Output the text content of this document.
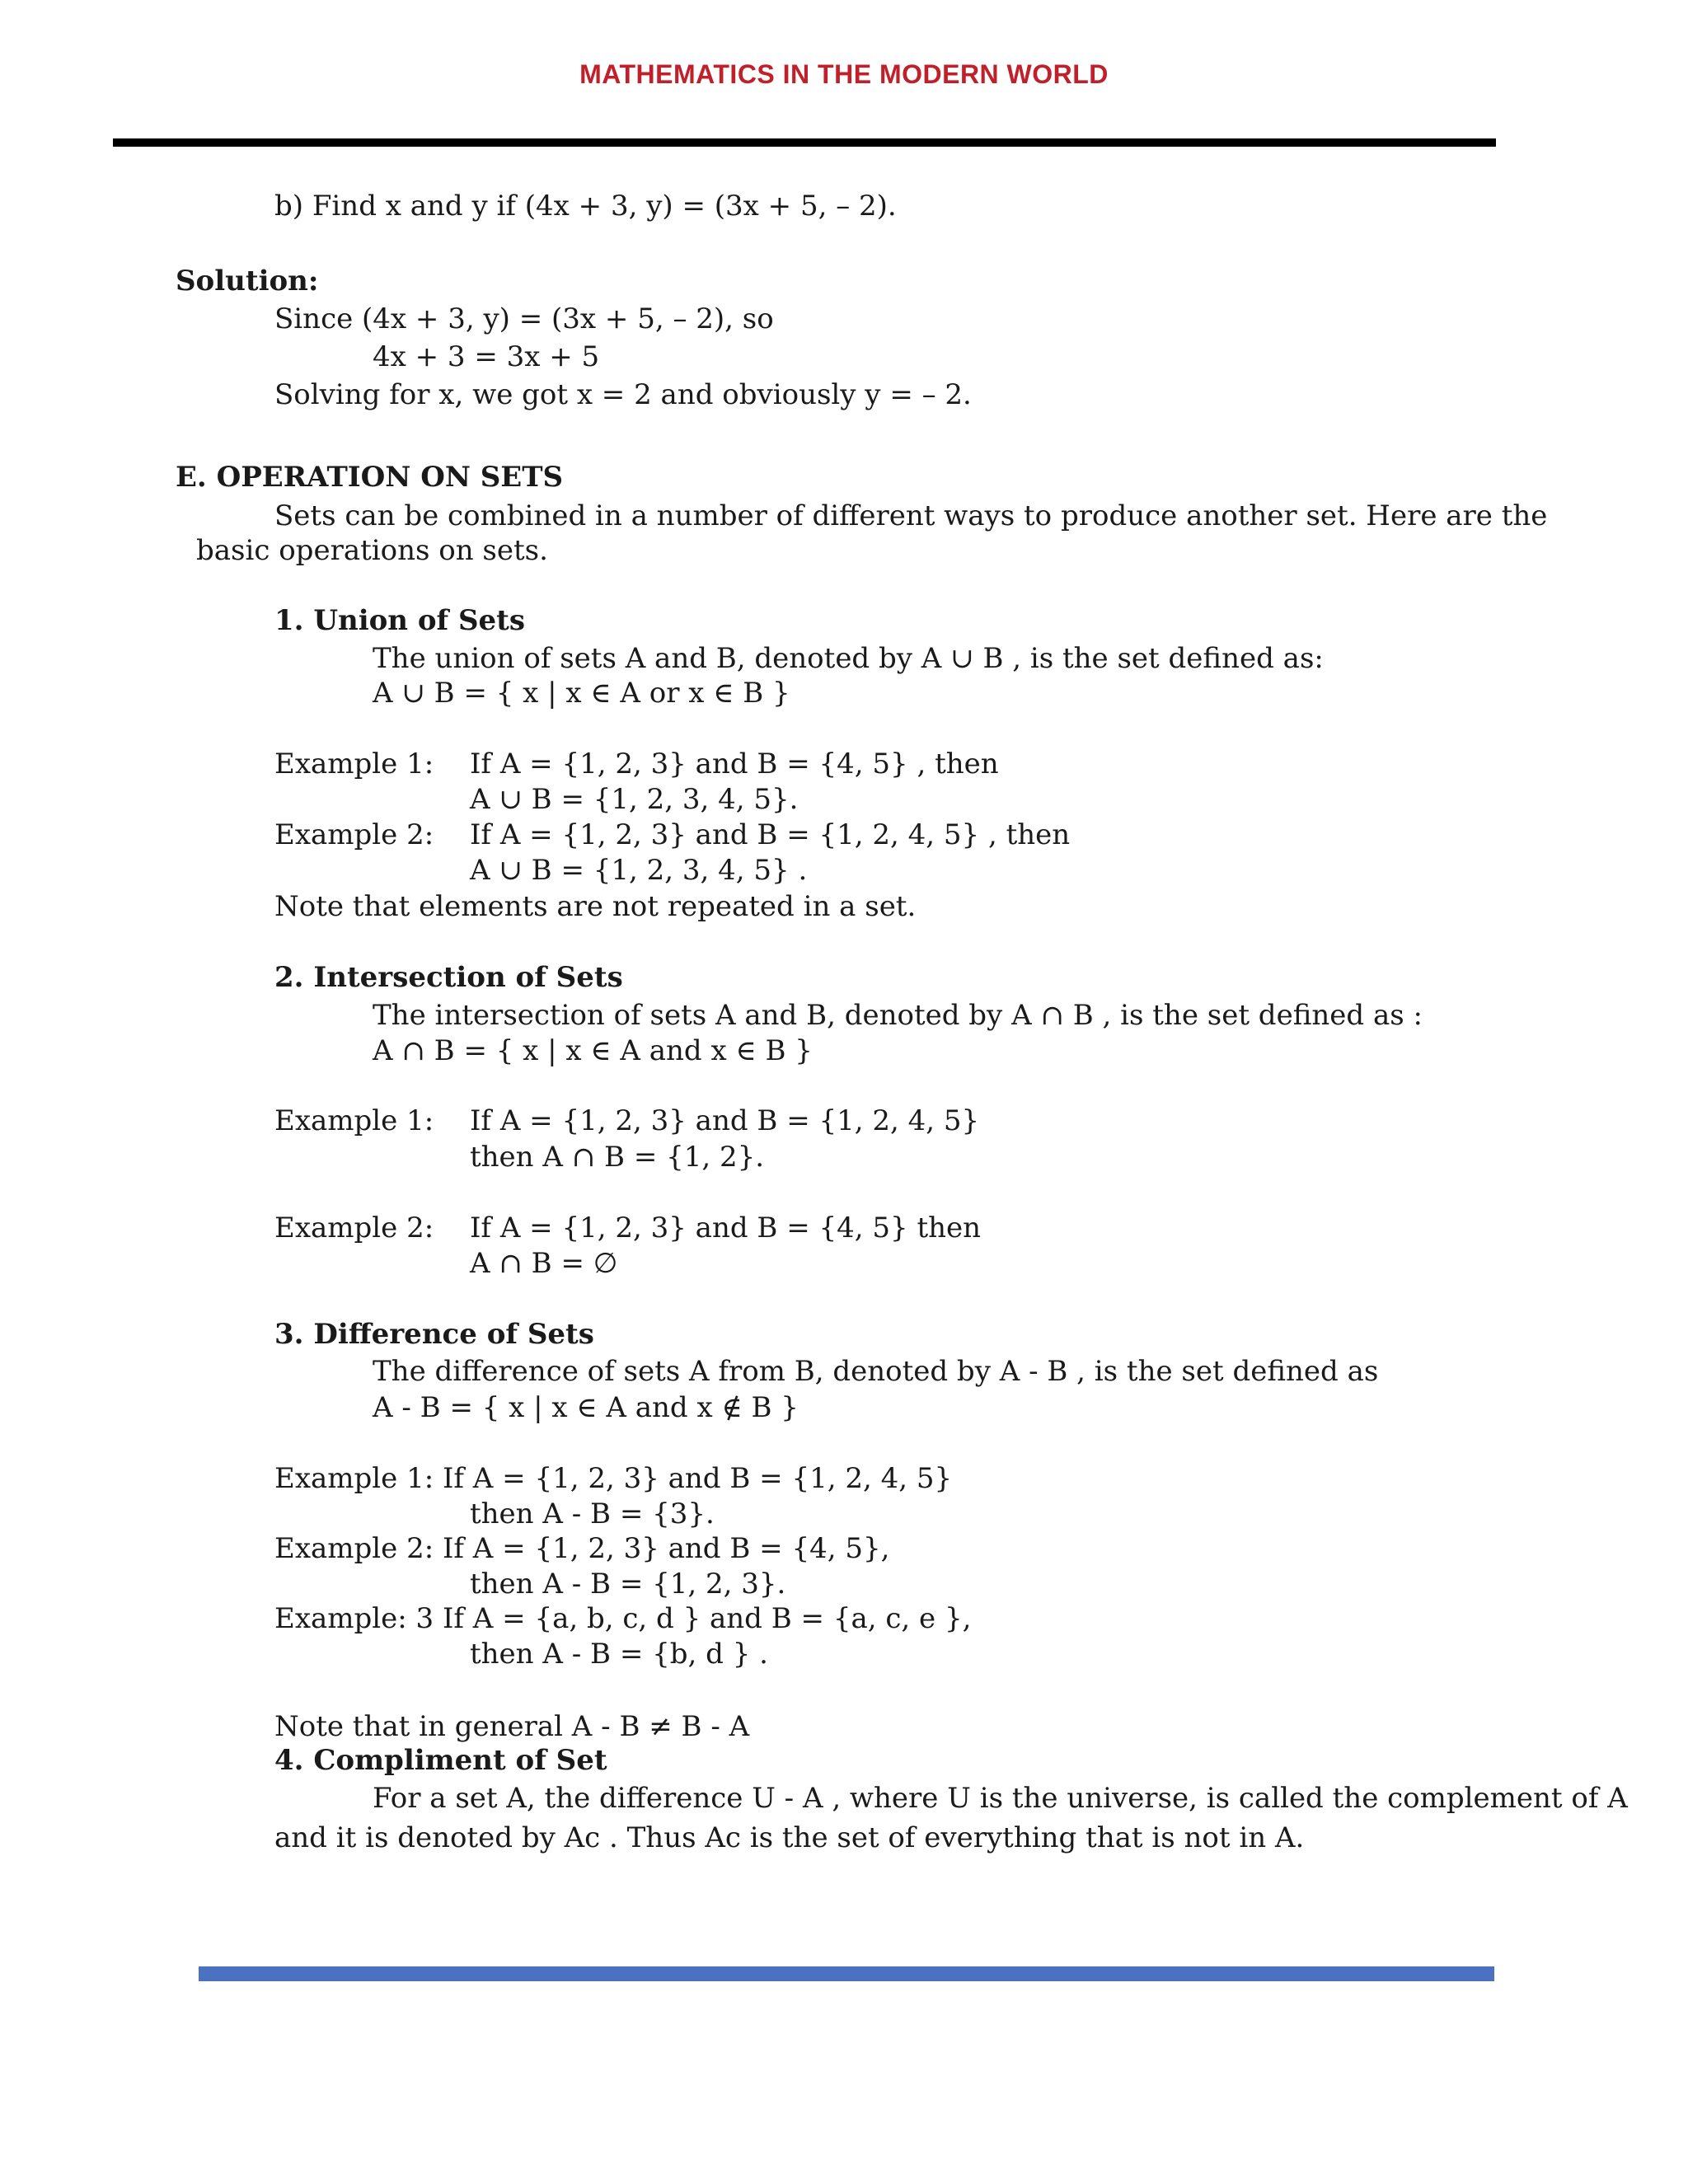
MATHEMATICS IN THE MODERN WORLD
b) Find x and y if (4x + 3, y) = (3x + 5, – 2).
Solution:
Since (4x + 3, y) = (3x + 5, – 2), so
4x + 3 = 3x + 5
Solving for x, we got x = 2 and obviously y = – 2.
E. OPERATION ON SETS
Sets can be combined in a number of different ways to produce another set. Here are the
basic operations on sets.
1. Union of Sets
The union of sets A and B, denoted by A ∪ B , is the set defined as:
A ∪ B = { x | x ∈ A or x ∈ B }
Example 1: If A = {1, 2, 3} and B = {4, 5} , then
A ∪ B = {1, 2, 3, 4, 5}.
Example 2: If A = {1, 2, 3} and B = {1, 2, 4, 5} , then
A ∪ B = {1, 2, 3, 4, 5} .
Note that elements are not repeated in a set.
2. Intersection of Sets
The intersection of sets A and B, denoted by A ∩ B , is the set defined as :
A ∩ B = { x | x ∈ A and x ∈ B }
Example 1: If A = {1, 2, 3} and B = {1, 2, 4, 5}
then A ∩ B = {1, 2}.
Example 2: If A = {1, 2, 3} and B = {4, 5} then
A ∩ B = ∅
3. Difference of Sets
The difference of sets A from B, denoted by A - B , is the set defined as
A - B = { x | x ∈ A and x ∉ B }
Example 1: If A = {1, 2, 3} and B = {1, 2, 4, 5}
then A - B = {3}.
Example 2: If A = {1, 2, 3} and B = {4, 5},
then A - B = {1, 2, 3}.
Example: 3 If A = {a, b, c, d } and B = {a, c, e },
then A - B = {b, d } .
Note that in general A - B ≠ B - A
4. Compliment of Set
For a set A, the difference U - A , where U is the universe, is called the complement of A
and it is denoted by Ac . Thus Ac is the set of everything that is not in A.
